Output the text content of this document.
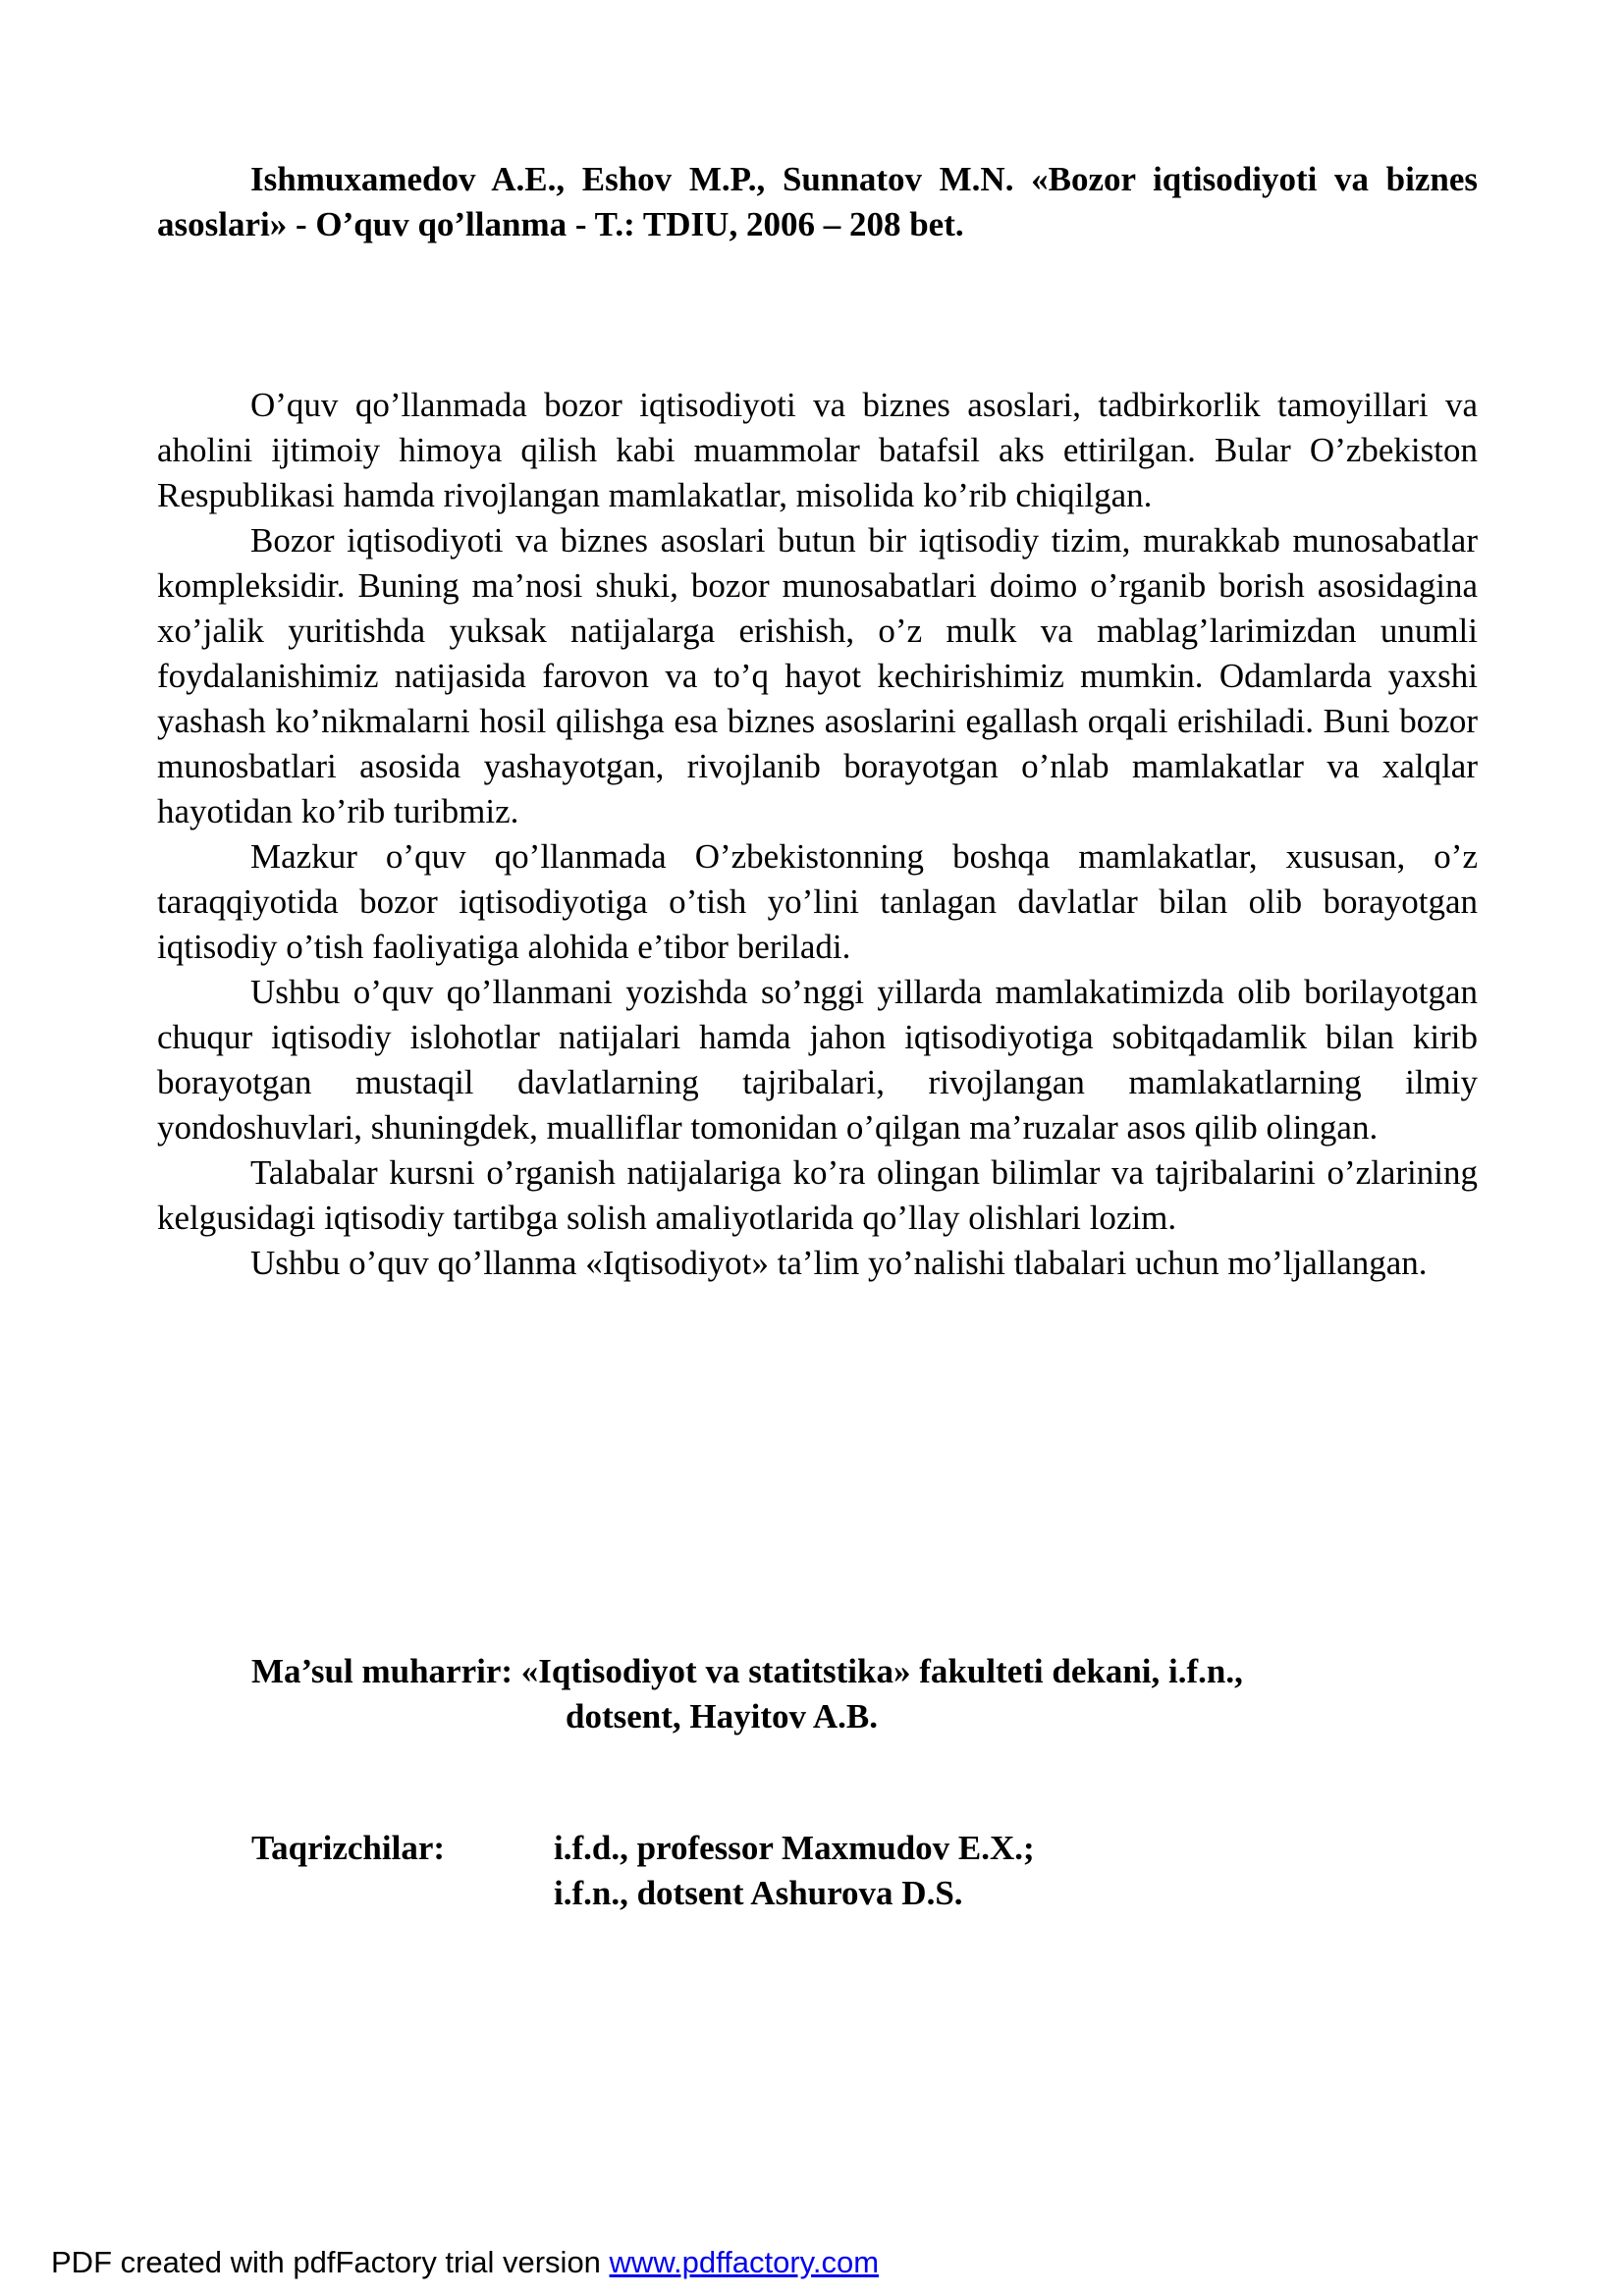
Ishmuxamedov A.E., Eshov M.P., Sunnatov M.N. «Bozor iqtisodiyoti va biznes asoslari» - O’quv qo’llanma - T.: TDIU, 2006 – 208 bet.

O’quv qo’llanmada bozor iqtisodiyoti va biznes asoslari, tadbirkorlik tamoyillari va aholini ijtimoiy himoya qilish kabi muammolar batafsil aks ettirilgan. Bular O’zbekiston Respublikasi hamda rivojlangan mamlakatlar, misolida ko’rib chiqilgan.

Bozor iqtisodiyoti va biznes asoslari butun bir iqtisodiy tizim, murakkab munosabatlar kompleksidir. Buning ma’nosi shuki, bozor munosabatlari doimo o’rganib borish asosidagina xo’jalik yuritishda yuksak natijalarga erishish, o’z mulk va mablag’larimizdan unumli foydalanishimiz natijasida farovon va to’q hayot kechirishimiz mumkin. Odamlarda yaxshi yashash ko’nikmalarni hosil qilishga esa biznes asoslarini egallash orqali erishiladi. Buni bozor munosbatlari asosida yashayotgan, rivojlanib borayotgan o’nlab mamlakatlar va xalqlar hayotidan ko’rib turibmiz.

Mazkur o’quv qo’llanmada O’zbekistonning boshqa mamlakatlar, xususan, o’z taraqqiyotida bozor iqtisodiyotiga o’tish yo’lini tanlagan davlatlar bilan olib borayotgan iqtisodiy o’tish faoliyatiga alohida e’tibor beriladi.

Ushbu o’quv qo’llanmani yozishda so’nggi yillarda mamlakatimizda olib borilayotgan chuqur iqtisodiy islohotlar natijalari hamda jahon iqtisodiyotiga sobitqadamlik bilan kirib borayotgan mustaqil davlatlarning tajribalari, rivojlangan mamlakatlarning ilmiy yondoshuvlari, shuningdek, mualliflar tomonidan o’qilgan ma’ruzalar asos qilib olingan.

Talabalar kursni o’rganish natijalariga ko’ra olingan bilimlar va tajribalarini o’zlarining kelgusidagi iqtisodiy tartibga solish amaliyotlarida qo’llay olishlari lozim.

Ushbu o’quv qo’llanma «Iqtisodiyot» ta’lim yo’nalishi tlabalari uchun mo’ljallangan.

Ma’sul muharrir: «Iqtisodiyot va statitstika» fakulteti dekani, i.f.n.,
dotsent, Hayitov A.B.
Taqrizchilar:	i.f.d., professor Maxmudov E.X.;
i.f.n., dotsent Ashurova D.S.
PDF created with pdfFactory trial version www.pdffactory.com
